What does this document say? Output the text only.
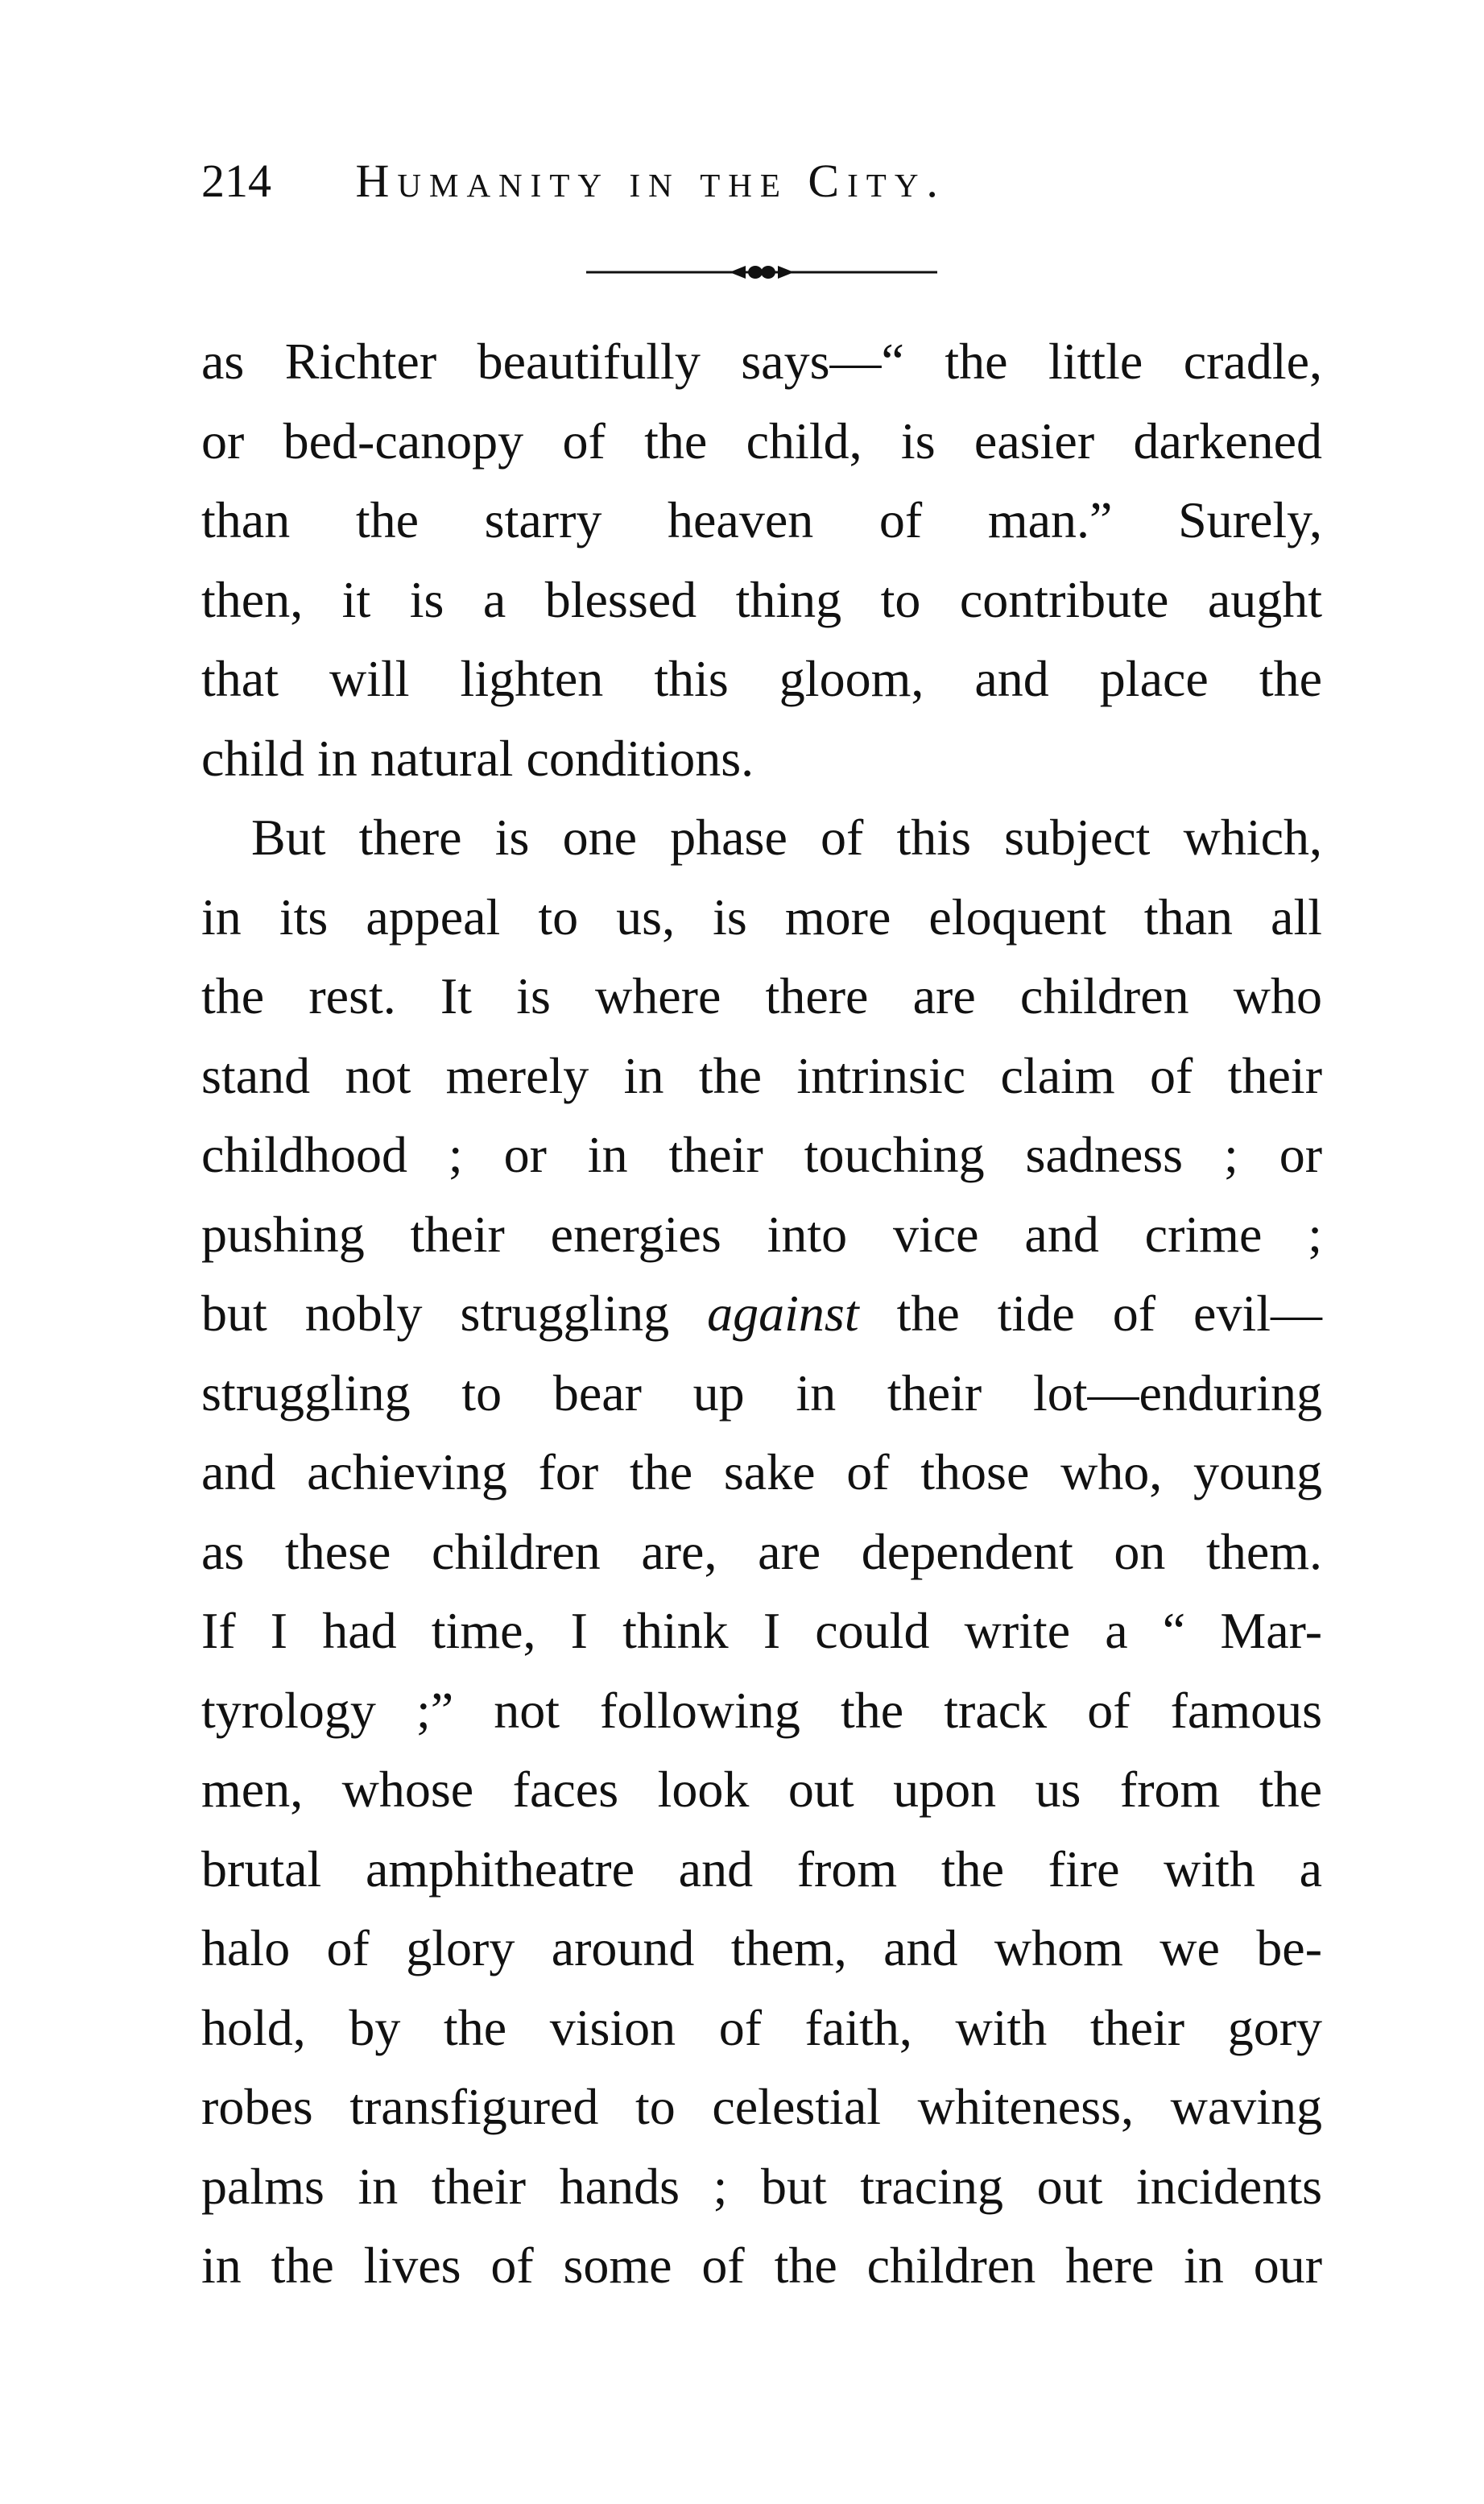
214 Humanity in the City.
as Richter beautifully says—“ the little cradle,
or bed-canopy of the child, is easier darkened
than the starry heaven of man.” Surely,
then, it is a blessed thing to contribute aught
that will lighten this gloom, and place the
child in natural conditions.
But there is one phase of this subject which,
in its appeal to us, is more eloquent than all
the rest. It is where there are children who
stand not merely in the intrinsic claim of their
childhood ; or in their touching sadness ; or
pushing their energies into vice and crime ;
but nobly struggling against the tide of evil—
struggling to bear up in their lot—enduring
and achieving for the sake of those who, young
as these children are, are dependent on them.
If I had time, I think I could write a “ Mar-
tyrology ;” not following the track of famous
men, whose faces look out upon us from the
brutal amphitheatre and from the fire with a
halo of glory around them, and whom we be-
hold, by the vision of faith, with their gory
robes transfigured to celestial whiteness, waving
palms in their hands ; but tracing out incidents
in the lives of some of the children here in our
